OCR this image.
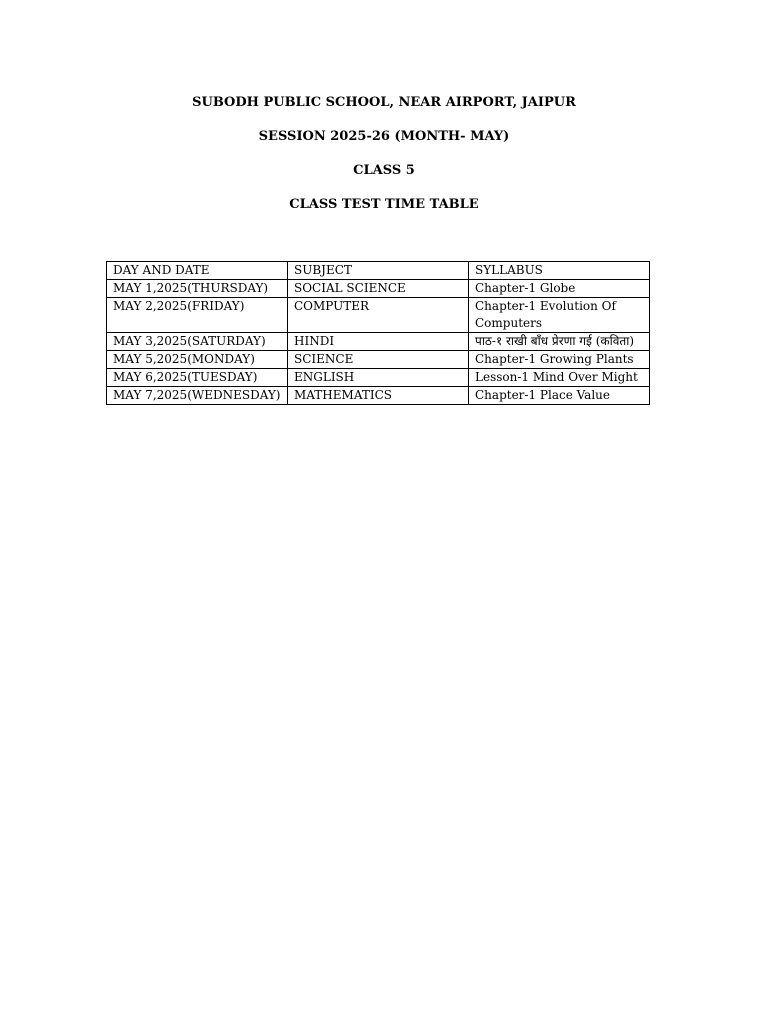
SUBODH PUBLIC SCHOOL, NEAR AIRPORT, JAIPUR
SESSION 2025-26 (MONTH- MAY)
CLASS 5
CLASS TEST TIME TABLE
DAY AND DATE	SUBJECT	SYLLABUS
MAY 1,2025(THURSDAY)	SOCIAL SCIENCE	Chapter-1 Globe
MAY 2,2025(FRIDAY)	COMPUTER	Chapter-1 Evolution Of Computers
MAY 3,2025(SATURDAY)	HINDI	पाठ-१ राखी बाँध प्रेरणा गई (कविता)
MAY 5,2025(MONDAY)	SCIENCE	Chapter-1 Growing Plants
MAY 6,2025(TUESDAY)	ENGLISH	Lesson-1 Mind Over Might
MAY 7,2025(WEDNESDAY)	MATHEMATICS	Chapter-1 Place Value
